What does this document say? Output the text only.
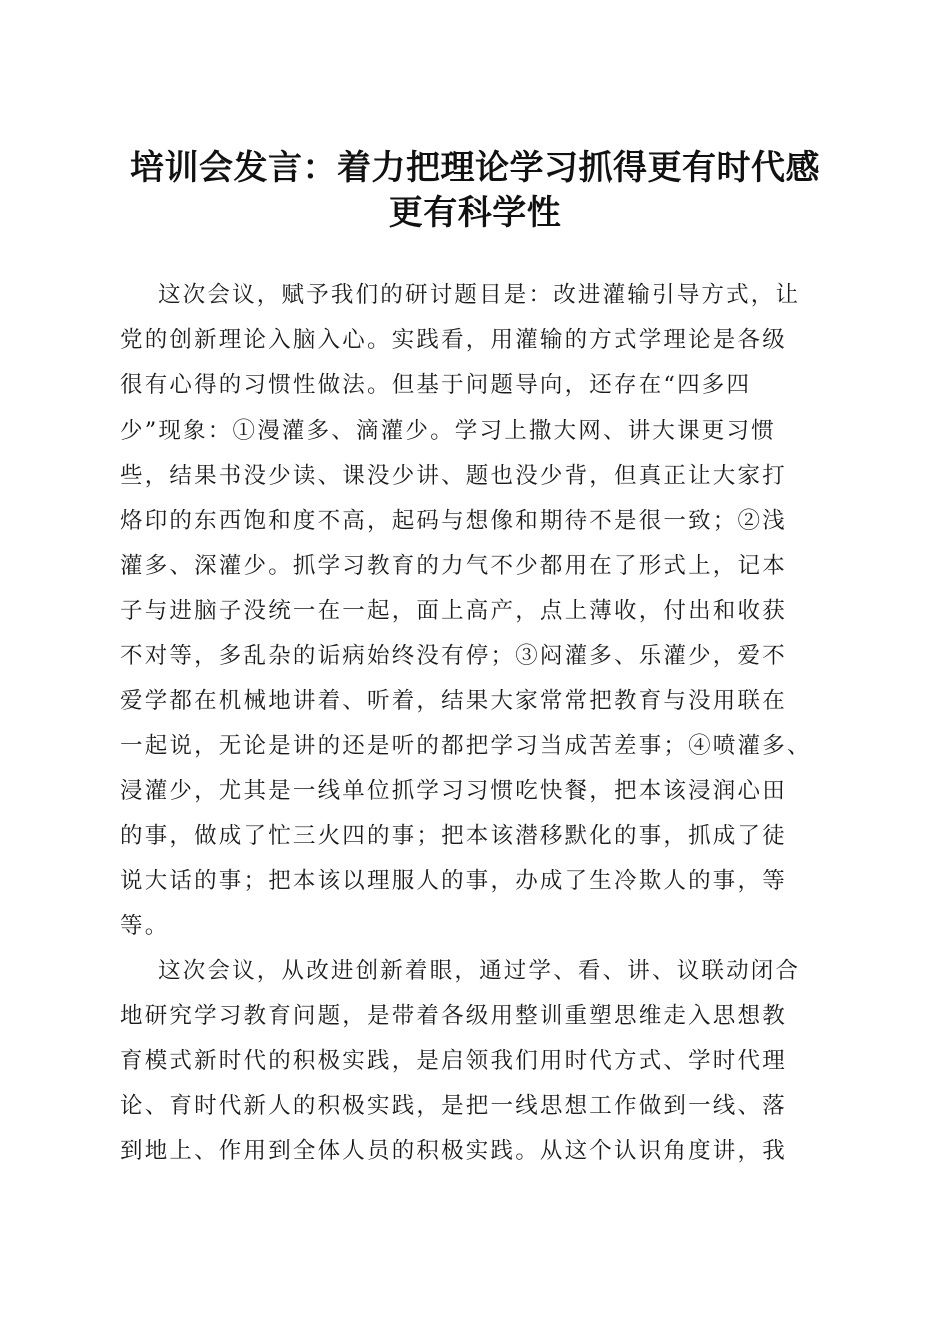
培训会发言：着力把理论学习抓得更有时代感
更有科学性
这次会议，赋予我们的研讨题目是：改进灌输引导方式，让
党的创新理论入脑入心。实践看，用灌输的方式学理论是各级
很有心得的习惯性做法。但基于问题导向，还存在“四多四
少”现象：①漫灌多、滴灌少。学习上撒大网、讲大课更习惯
些，结果书没少读、课没少讲、题也没少背，但真正让大家打
烙印的东西饱和度不高，起码与想像和期待不是很一致；②浅
灌多、深灌少。抓学习教育的力气不少都用在了形式上，记本
子与进脑子没统一在一起，面上高产，点上薄收，付出和收获
不对等，多乱杂的诟病始终没有停；③闷灌多、乐灌少，爱不
爱学都在机械地讲着、听着，结果大家常常把教育与没用联在
一起说，无论是讲的还是听的都把学习当成苦差事；④喷灌多、
浸灌少，尤其是一线单位抓学习习惯吃快餐，把本该浸润心田
的事，做成了忙三火四的事；把本该潜移默化的事，抓成了徒
说大话的事；把本该以理服人的事，办成了生冷欺人的事，等
等。
这次会议，从改进创新着眼，通过学、看、讲、议联动闭合
地研究学习教育问题，是带着各级用整训重塑思维走入思想教
育模式新时代的积极实践，是启领我们用时代方式、学时代理
论、育时代新人的积极实践，是把一线思想工作做到一线、落
到地上、作用到全体人员的积极实践。从这个认识角度讲，我
